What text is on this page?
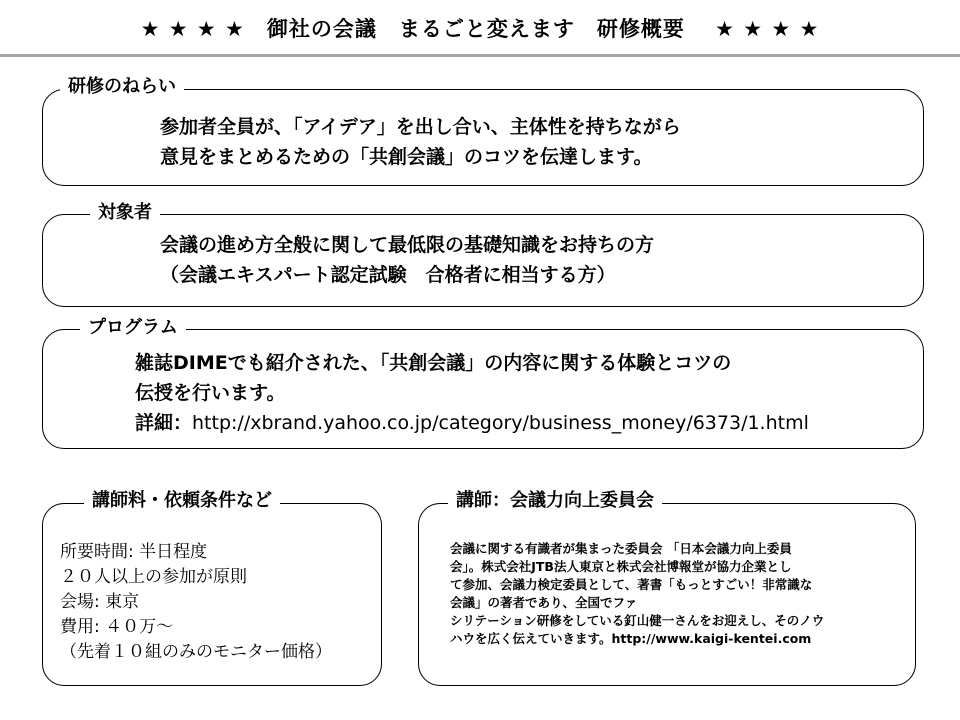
★ ★ ★ ★　御社の会議　まるごと変えます　研修概要　 ★ ★ ★ ★
研修のねらい
参加者全員が、「アイデア」を出し合い、主体性を持ちながら
意見をまとめるための「共創会議」のコツを伝達します。
対象者
会議の進め方全般に関して最低限の基礎知識をお持ちの方
（会議エキスパート認定試験　合格者に相当する方）
プログラム
雑誌DIMEでも紹介された、「共創会議」の内容に関する体験とコツの
伝授を行います。
詳細：http://xbrand.yahoo.co.jp/category/business_money/6373/1.html
講師料・依頼条件など
所要時間: 半日程度
２０人以上の参加が原則
会場: 東京
費用: ４０万〜
（先着１０組のみのモニター価格）
講師：会議力向上委員会
会議に関する有識者が集まった委員会 「日本会議力向上委員
会」。株式会社JTB法人東京と株式会社博報堂が協力企業とし
て参加、会議力検定委員として、著書「もっとすごい！非常識な
会議」の著者であり、全国でファ
シリテーション研修をしている釘山健一さんをお迎えし、そのノウ
ハウを広く伝えていきます。http://www.kaigi-kentei.com
